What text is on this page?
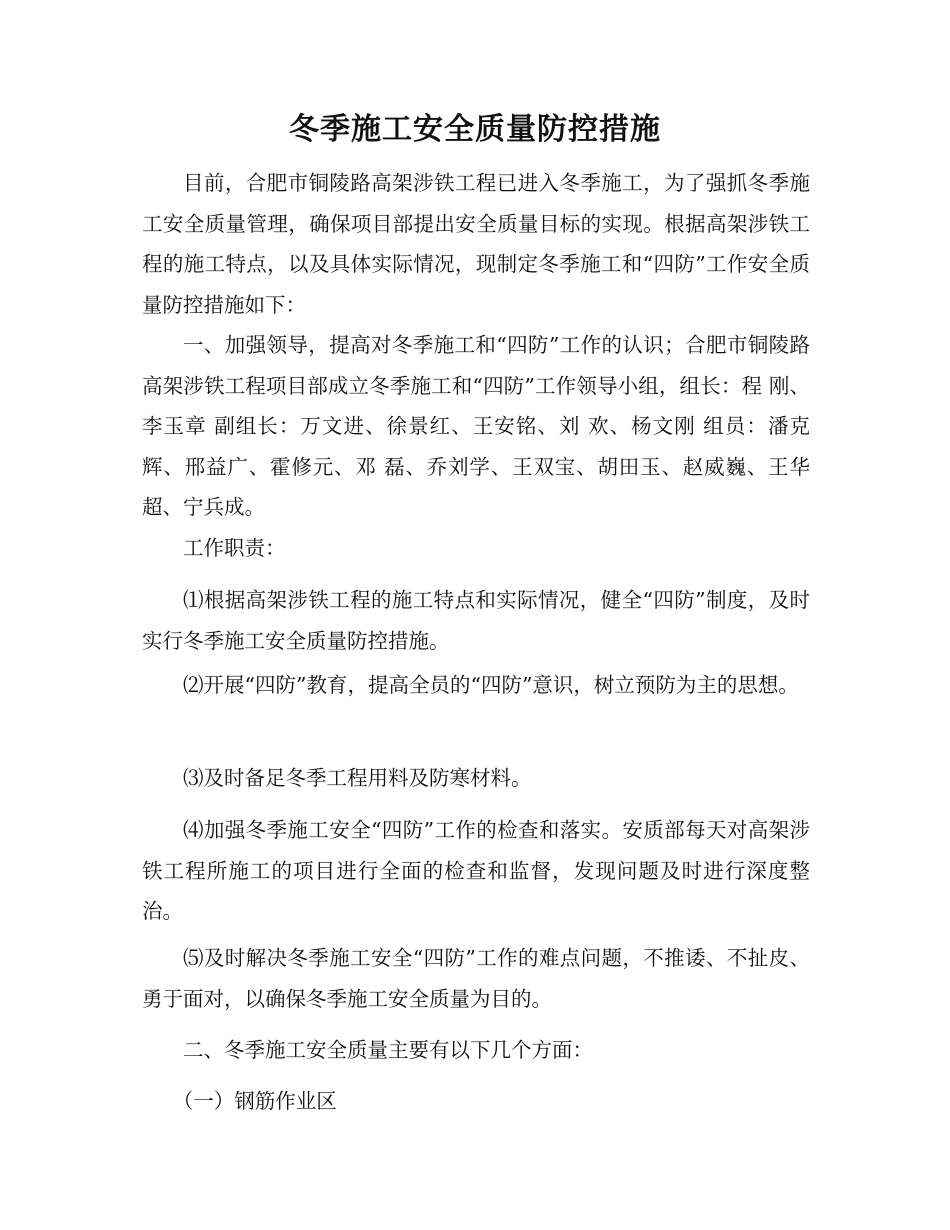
冬季施工安全质量防控措施

目前，合肥市铜陵路高架涉铁工程已进入冬季施工，为了强抓冬季施工安全质量管理，确保项目部提出安全质量目标的实现。根据高架涉铁工程的施工特点，以及具体实际情况，现制定冬季施工和“四防”工作安全质量防控措施如下：

一、加强领导，提高对冬季施工和“四防”工作的认识；合肥市铜陵路高架涉铁工程项目部成立冬季施工和“四防”工作领导小组，组长：程 刚、李玉章 副组长：万文进、徐景红、王安铭、刘 欢、杨文刚 组员：潘克辉、邢益广、霍修元、邓 磊、乔刘学、王双宝、胡田玉、赵威巍、王华超、宁兵成。

工作职责：

⑴根据高架涉铁工程的施工特点和实际情况，健全“四防”制度，及时实行冬季施工安全质量防控措施。

⑵开展“四防”教育，提高全员的“四防”意识，树立预防为主的思想。

⑶及时备足冬季工程用料及防寒材料。

⑷加强冬季施工安全“四防”工作的检查和落实。安质部每天对高架涉铁工程所施工的项目进行全面的检查和监督，发现问题及时进行深度整治。

⑸及时解决冬季施工安全“四防”工作的难点问题，不推诿、不扯皮、勇于面对，以确保冬季施工安全质量为目的。

二、冬季施工安全质量主要有以下几个方面：

（一）钢筋作业区
